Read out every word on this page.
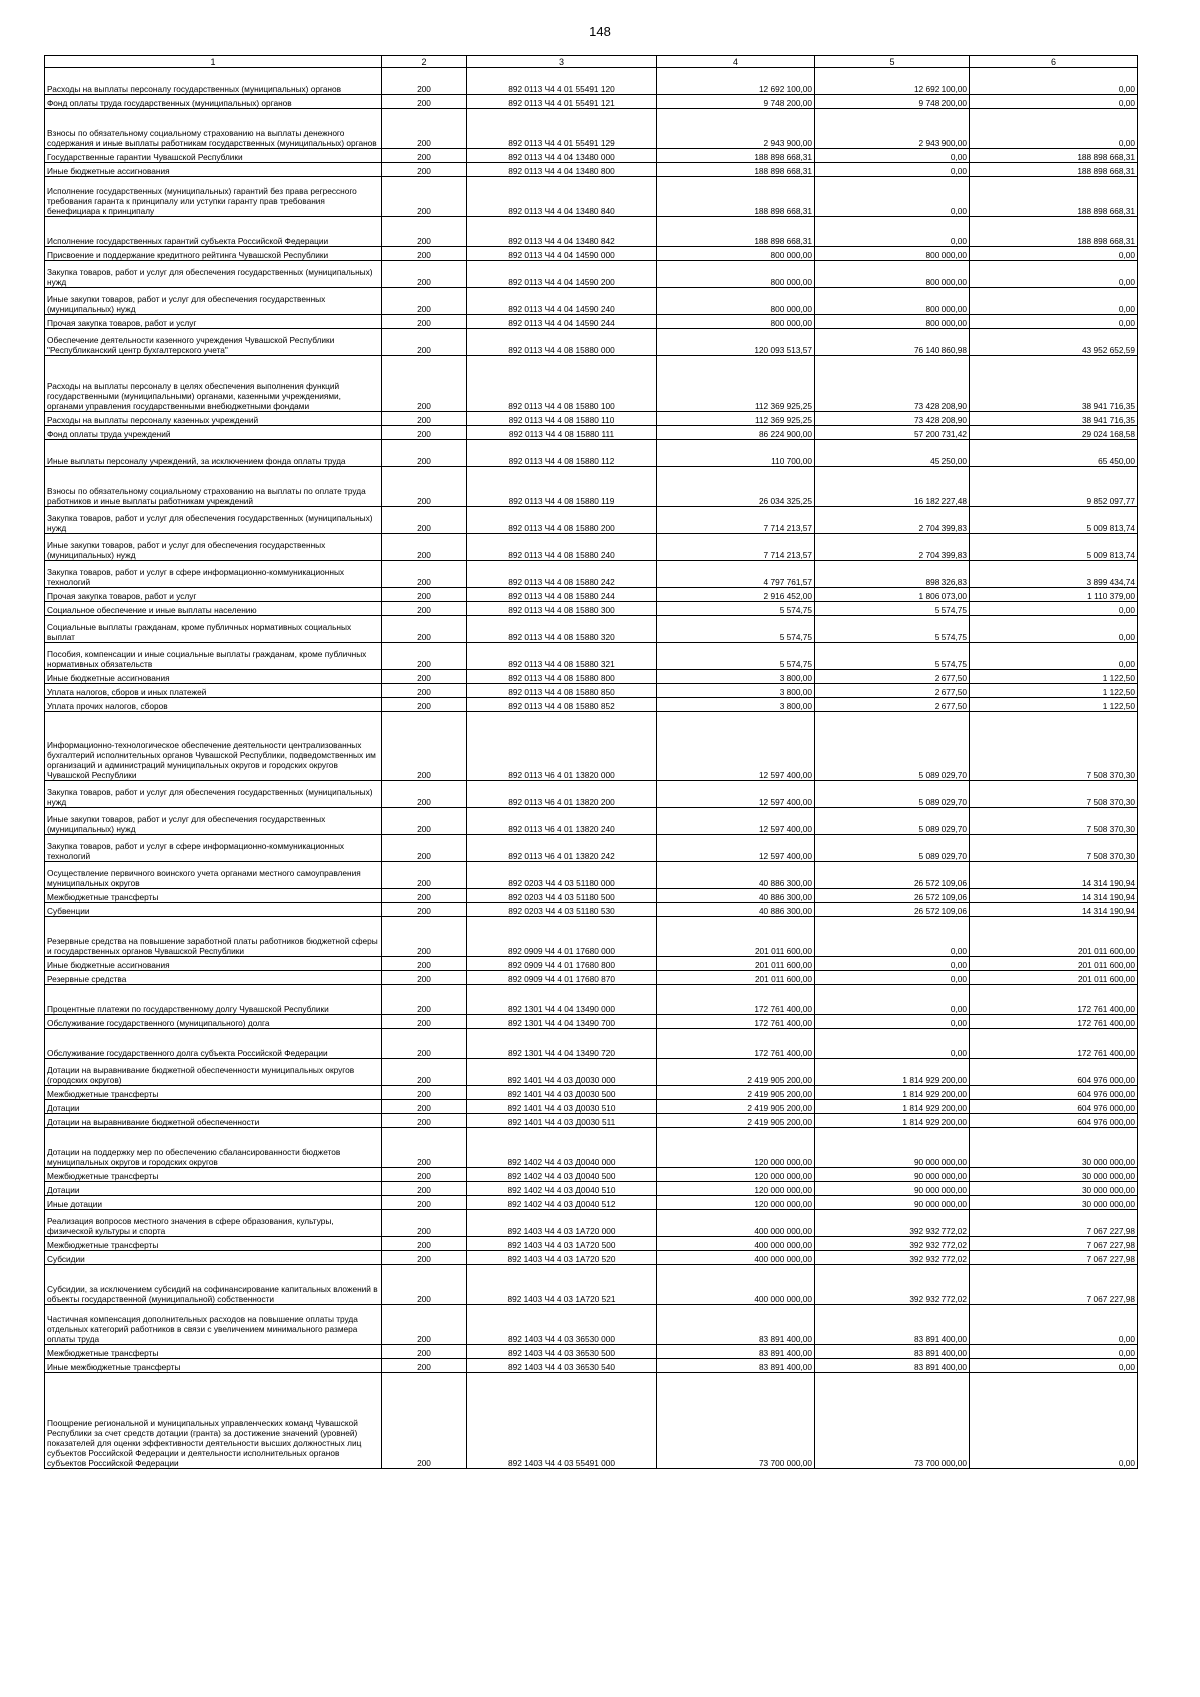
148
1	2	3	4	5	6
Расходы на выплаты персоналу государственных (муниципальных) органов	200	892 0113 Ч4 4 01 55491 120	12 692 100,00	12 692 100,00	0,00
Фонд оплаты труда государственных (муниципальных) органов	200	892 0113 Ч4 4 01 55491 121	9 748 200,00	9 748 200,00	0,00
Взносы по обязательному социальному страхованию на выплаты денежного содержания и иные выплаты работникам государственных (муниципальных) органов	200	892 0113 Ч4 4 01 55491 129	2 943 900,00	2 943 900,00	0,00
Государственные гарантии Чувашской Республики	200	892 0113 Ч4 4 04 13480 000	188 898 668,31	0,00	188 898 668,31
Иные бюджетные ассигнования	200	892 0113 Ч4 4 04 13480 800	188 898 668,31	0,00	188 898 668,31
Исполнение государственных (муниципальных) гарантий без права регрессного требования гаранта к принципалу или уступки гаранту прав требования бенефициара к принципалу	200	892 0113 Ч4 4 04 13480 840	188 898 668,31	0,00	188 898 668,31
Исполнение государственных гарантий субъекта Российской Федерации	200	892 0113 Ч4 4 04 13480 842	188 898 668,31	0,00	188 898 668,31
Присвоение и поддержание кредитного рейтинга Чувашской Республики	200	892 0113 Ч4 4 04 14590 000	800 000,00	800 000,00	0,00
Закупка товаров, работ и услуг для обеспечения государственных (муниципальных) нужд	200	892 0113 Ч4 4 04 14590 200	800 000,00	800 000,00	0,00
Иные закупки товаров, работ и услуг для обеспечения государственных (муниципальных) нужд	200	892 0113 Ч4 4 04 14590 240	800 000,00	800 000,00	0,00
Прочая закупка товаров, работ и услуг	200	892 0113 Ч4 4 04 14590 244	800 000,00	800 000,00	0,00
Обеспечение деятельности казенного учреждения Чувашской Республики "Республиканский центр бухгалтерского учета"	200	892 0113 Ч4 4 08 15880 000	120 093 513,57	76 140 860,98	43 952 652,59
Расходы на выплаты персоналу в целях обеспечения выполнения функций государственными (муниципальными) органами, казенными учреждениями, органами управления государственными внебюджетными фондами	200	892 0113 Ч4 4 08 15880 100	112 369 925,25	73 428 208,90	38 941 716,35
Расходы на выплаты персоналу казенных учреждений	200	892 0113 Ч4 4 08 15880 110	112 369 925,25	73 428 208,90	38 941 716,35
Фонд оплаты труда учреждений	200	892 0113 Ч4 4 08 15880 111	86 224 900,00	57 200 731,42	29 024 168,58
Иные выплаты персоналу учреждений, за исключением фонда оплаты труда	200	892 0113 Ч4 4 08 15880 112	110 700,00	45 250,00	65 450,00
Взносы по обязательному социальному страхованию на выплаты по оплате труда работников и иные выплаты работникам учреждений	200	892 0113 Ч4 4 08 15880 119	26 034 325,25	16 182 227,48	9 852 097,77
Закупка товаров, работ и услуг для обеспечения государственных (муниципальных) нужд	200	892 0113 Ч4 4 08 15880 200	7 714 213,57	2 704 399,83	5 009 813,74
Иные закупки товаров, работ и услуг для обеспечения государственных (муниципальных) нужд	200	892 0113 Ч4 4 08 15880 240	7 714 213,57	2 704 399,83	5 009 813,74
Закупка товаров, работ и услуг в сфере информационно-коммуникационных технологий	200	892 0113 Ч4 4 08 15880 242	4 797 761,57	898 326,83	3 899 434,74
Прочая закупка товаров, работ и услуг	200	892 0113 Ч4 4 08 15880 244	2 916 452,00	1 806 073,00	1 110 379,00
Социальное обеспечение и иные выплаты населению	200	892 0113 Ч4 4 08 15880 300	5 574,75	5 574,75	0,00
Социальные выплаты гражданам, кроме публичных нормативных социальных выплат	200	892 0113 Ч4 4 08 15880 320	5 574,75	5 574,75	0,00
Пособия, компенсации и иные социальные выплаты гражданам, кроме публичных нормативных обязательств	200	892 0113 Ч4 4 08 15880 321	5 574,75	5 574,75	0,00
Иные бюджетные ассигнования	200	892 0113 Ч4 4 08 15880 800	3 800,00	2 677,50	1 122,50
Уплата налогов, сборов и иных платежей	200	892 0113 Ч4 4 08 15880 850	3 800,00	2 677,50	1 122,50
Уплата прочих налогов, сборов	200	892 0113 Ч4 4 08 15880 852	3 800,00	2 677,50	1 122,50
Информационно-технологическое обеспечение деятельности централизованных бухгалтерий исполнительных органов Чувашской Республики, подведомственных им организаций и администраций муниципальных округов и городских округов Чувашской Республики	200	892 0113 Ч6 4 01 13820 000	12 597 400,00	5 089 029,70	7 508 370,30
Закупка товаров, работ и услуг для обеспечения государственных (муниципальных) нужд	200	892 0113 Ч6 4 01 13820 200	12 597 400,00	5 089 029,70	7 508 370,30
Иные закупки товаров, работ и услуг для обеспечения государственных (муниципальных) нужд	200	892 0113 Ч6 4 01 13820 240	12 597 400,00	5 089 029,70	7 508 370,30
Закупка товаров, работ и услуг в сфере информационно-коммуникационных технологий	200	892 0113 Ч6 4 01 13820 242	12 597 400,00	5 089 029,70	7 508 370,30
Осуществление первичного воинского учета органами местного самоуправления муниципальных округов	200	892 0203 Ч4 4 03 51180 000	40 886 300,00	26 572 109,06	14 314 190,94
Межбюджетные трансферты	200	892 0203 Ч4 4 03 51180 500	40 886 300,00	26 572 109,06	14 314 190,94
Субвенции	200	892 0203 Ч4 4 03 51180 530	40 886 300,00	26 572 109,06	14 314 190,94
Резервные средства на повышение заработной платы работников бюджетной сферы и государственных органов Чувашской Республики	200	892 0909 Ч4 4 01 17680 000	201 011 600,00	0,00	201 011 600,00
Иные бюджетные ассигнования	200	892 0909 Ч4 4 01 17680 800	201 011 600,00	0,00	201 011 600,00
Резервные средства	200	892 0909 Ч4 4 01 17680 870	201 011 600,00	0,00	201 011 600,00
Процентные платежи по государственному долгу Чувашской Республики	200	892 1301 Ч4 4 04 13490 000	172 761 400,00	0,00	172 761 400,00
Обслуживание государственного (муниципального) долга	200	892 1301 Ч4 4 04 13490 700	172 761 400,00	0,00	172 761 400,00
Обслуживание государственного долга субъекта Российской Федерации	200	892 1301 Ч4 4 04 13490 720	172 761 400,00	0,00	172 761 400,00
Дотации на выравнивание бюджетной обеспеченности муниципальных округов (городских округов)	200	892 1401 Ч4 4 03 Д0030 000	2 419 905 200,00	1 814 929 200,00	604 976 000,00
Межбюджетные трансферты	200	892 1401 Ч4 4 03 Д0030 500	2 419 905 200,00	1 814 929 200,00	604 976 000,00
Дотации	200	892 1401 Ч4 4 03 Д0030 510	2 419 905 200,00	1 814 929 200,00	604 976 000,00
Дотации на выравнивание бюджетной обеспеченности	200	892 1401 Ч4 4 03 Д0030 511	2 419 905 200,00	1 814 929 200,00	604 976 000,00
Дотации на поддержку мер по обеспечению сбалансированности бюджетов муниципальных округов и городских округов	200	892 1402 Ч4 4 03 Д0040 000	120 000 000,00	90 000 000,00	30 000 000,00
Межбюджетные трансферты	200	892 1402 Ч4 4 03 Д0040 500	120 000 000,00	90 000 000,00	30 000 000,00
Дотации	200	892 1402 Ч4 4 03 Д0040 510	120 000 000,00	90 000 000,00	30 000 000,00
Иные дотации	200	892 1402 Ч4 4 03 Д0040 512	120 000 000,00	90 000 000,00	30 000 000,00
Реализация вопросов местного значения в сфере образования, культуры, физической культуры и спорта	200	892 1403 Ч4 4 03 1А720 000	400 000 000,00	392 932 772,02	7 067 227,98
Межбюджетные трансферты	200	892 1403 Ч4 4 03 1А720 500	400 000 000,00	392 932 772,02	7 067 227,98
Субсидии	200	892 1403 Ч4 4 03 1А720 520	400 000 000,00	392 932 772,02	7 067 227,98
Субсидии, за исключением субсидий на софинансирование капитальных вложений в объекты государственной (муниципальной) собственности	200	892 1403 Ч4 4 03 1А720 521	400 000 000,00	392 932 772,02	7 067 227,98
Частичная компенсация дополнительных расходов на повышение оплаты труда отдельных категорий работников в связи с увеличением минимального размера оплаты труда	200	892 1403 Ч4 4 03 36530 000	83 891 400,00	83 891 400,00	0,00
Межбюджетные трансферты	200	892 1403 Ч4 4 03 36530 500	83 891 400,00	83 891 400,00	0,00
Иные межбюджетные трансферты	200	892 1403 Ч4 4 03 36530 540	83 891 400,00	83 891 400,00	0,00
Поощрение региональной и муниципальных управленческих команд Чувашской Республики за счет средств дотации (гранта) за достижение значений (уровней) показателей для оценки эффективности деятельности высших должностных лиц субъектов Российской Федерации и деятельности исполнительных органов субъектов Российской Федерации	200	892 1403 Ч4 4 03 55491 000	73 700 000,00	73 700 000,00	0,00
